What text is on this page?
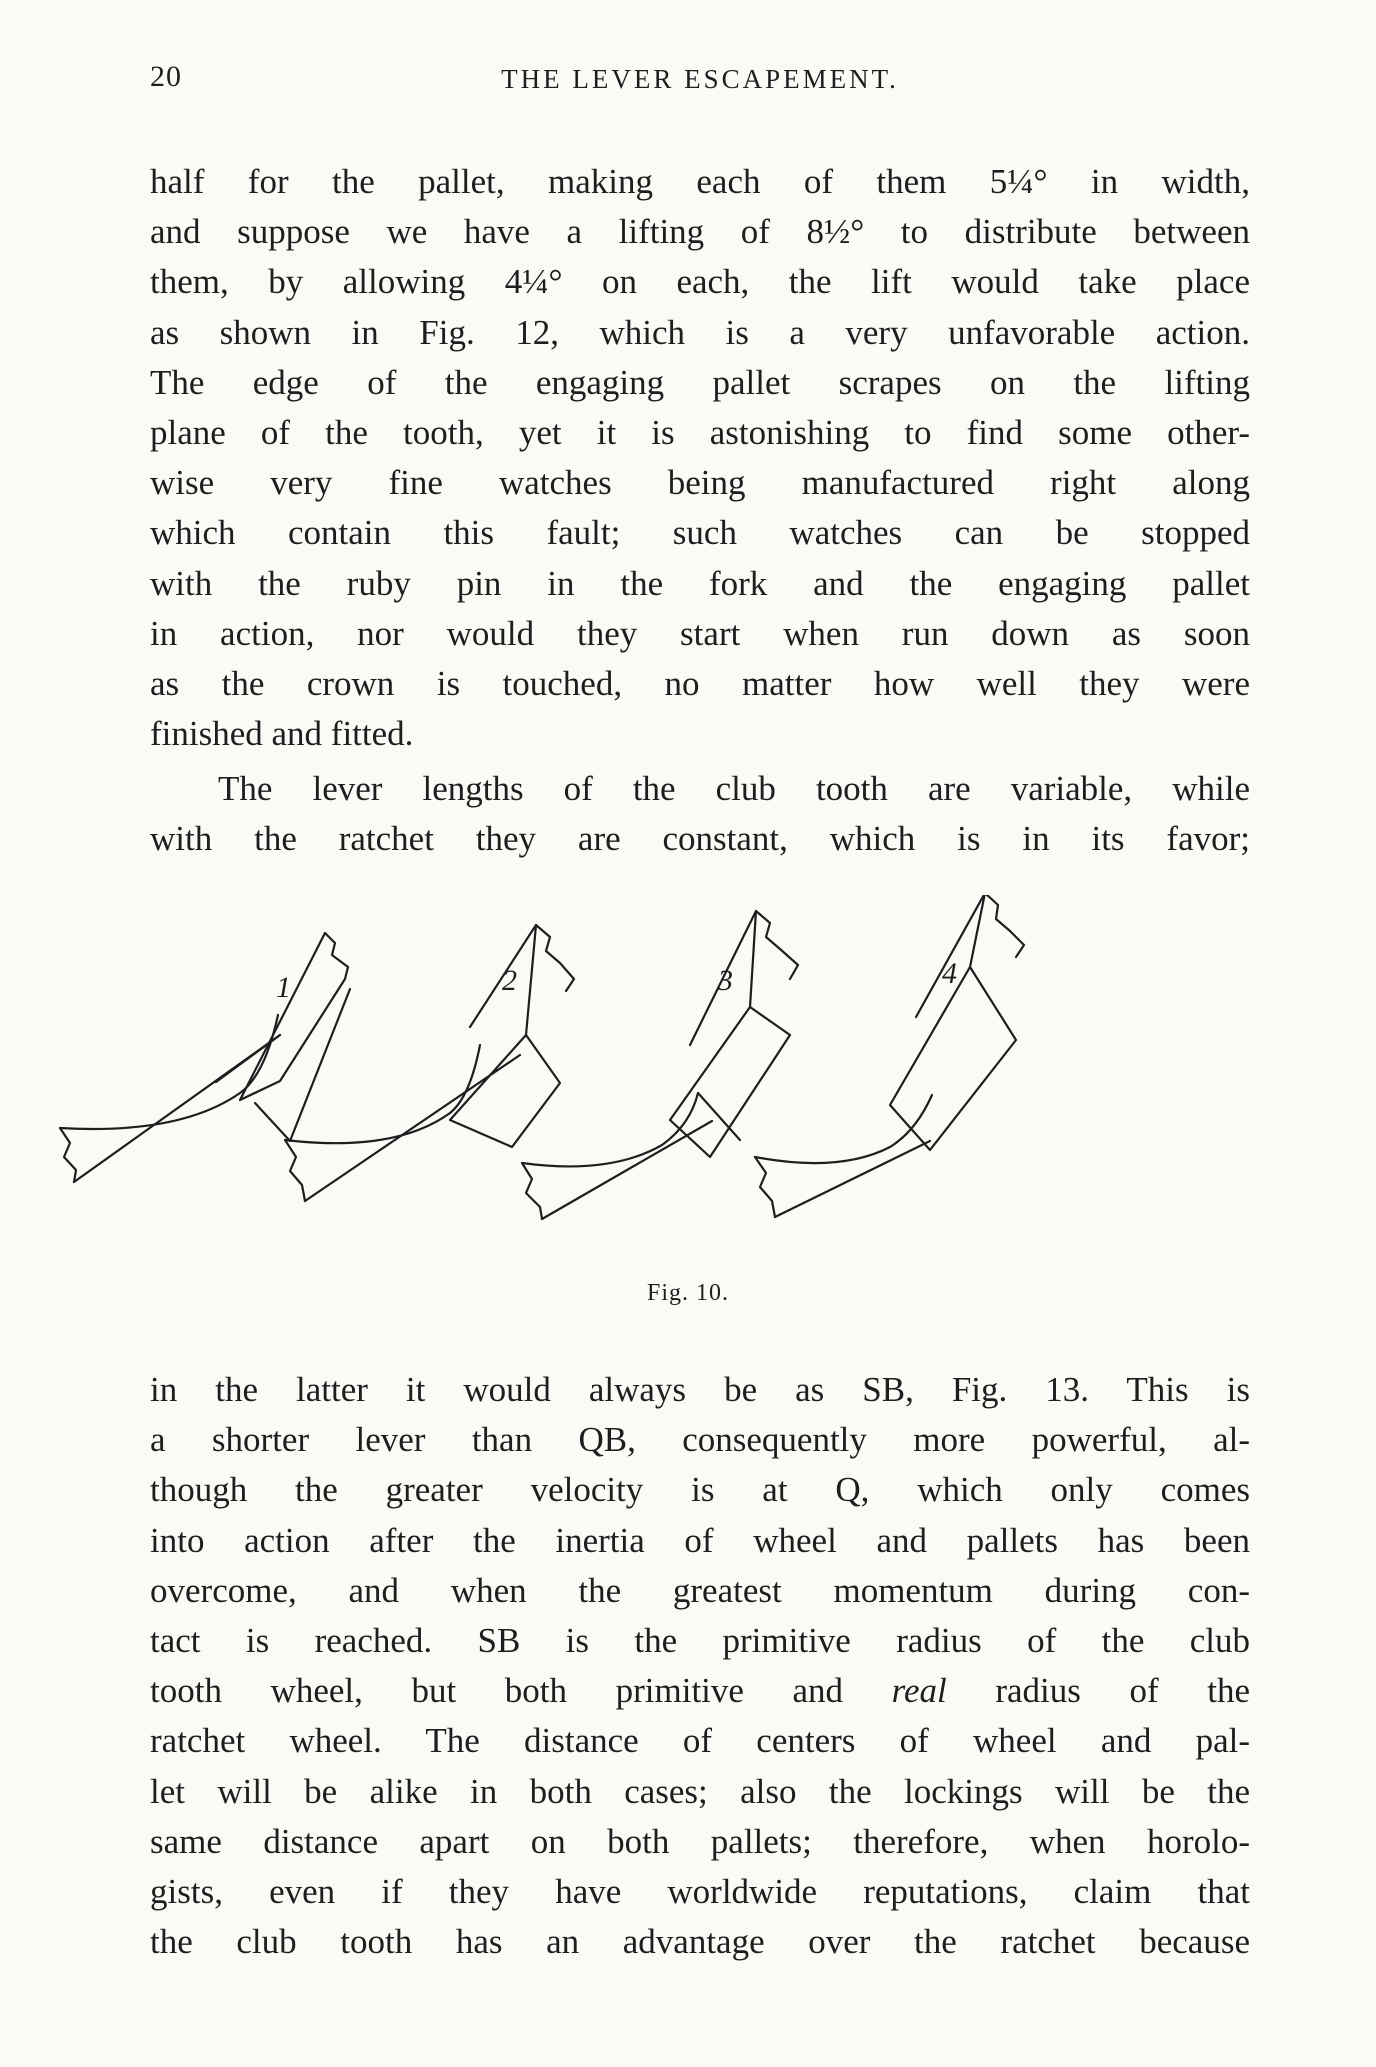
20	THE LEVER ESCAPEMENT.
half for the pallet, making each of them 5¼° in width,
and suppose we have a lifting of 8½° to distribute between
them, by allowing 4¼° on each, the lift would take place
as shown in Fig. 12, which is a very unfavorable action.
The edge of the engaging pallet scrapes on the lifting
plane of the tooth, yet it is astonishing to find some other-
wise very fine watches being manufactured right along
which contain this fault; such watches can be stopped
with the ruby pin in the fork and the engaging pallet
in action, nor would they start when run down as soon
as the crown is touched, no matter how well they were
finished and fitted.
The lever lengths of the club tooth are variable, while
with the ratchet they are constant, which is in its favor;
1	2	3	4
Fig. 10.
in the latter it would always be as SB, Fig. 13. This is
a shorter lever than QB, consequently more powerful, al-
though the greater velocity is at Q, which only comes
into action after the inertia of wheel and pallets has been
overcome, and when the greatest momentum during con-
tact is reached. SB is the primitive radius of the club
tooth wheel, but both primitive and real radius of the
ratchet wheel. The distance of centers of wheel and pal-
let will be alike in both cases; also the lockings will be the
same distance apart on both pallets; therefore, when horolo-
gists, even if they have worldwide reputations, claim that
the club tooth has an advantage over the ratchet because
